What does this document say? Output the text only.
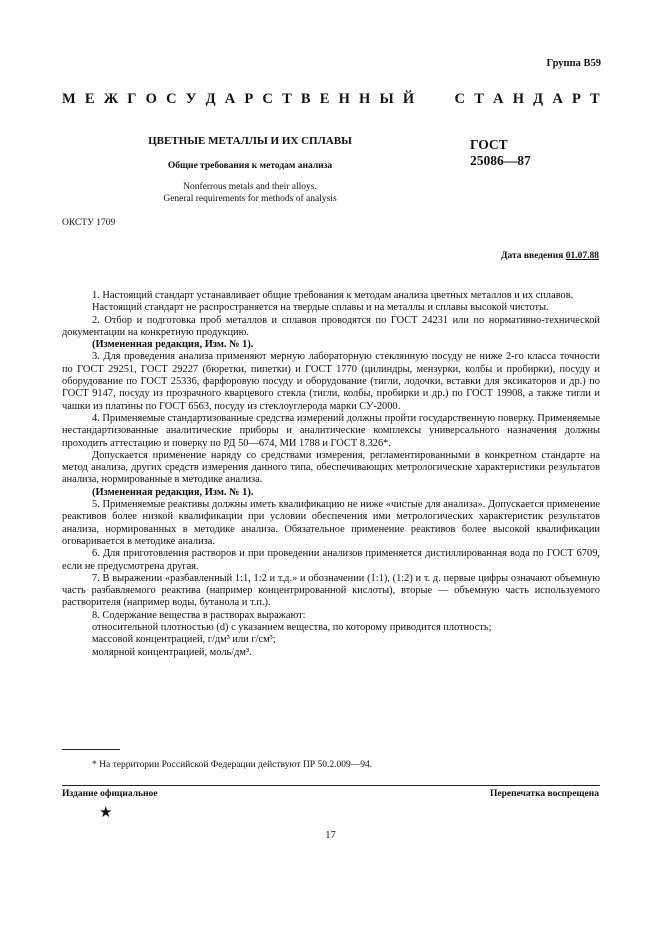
Группа В59
М Е Ж Г О С У Д А Р С Т В Е Н Н Ы Й	С Т А Н Д А Р Т
ЦВЕТНЫЕ МЕТАЛЛЫ И ИХ СПЛАВЫ
Общие требования к методам анализа
ГОСТ
25086—87
Nonferrous metals and their alloys.
General requirements for methods of analysis
ОКСТУ 1709
Дата введения 01.07.88

1. Настоящий стандарт устанавливает общие требования к методам анализа цветных металлов и их сплавов.

Настоящий стандарт не распространяется на твердые сплавы и на металлы и сплавы высокой чистоты.

2. Отбор и подготовка проб металлов и сплавов проводятся по ГОСТ 24231 или по нормативно-технической документации на конкретную продукцию.

(Измененная редакция, Изм. № 1).

3. Для проведения анализа применяют мерную лабораторную стеклянную посуду не ниже 2-го класса точности по ГОСТ 29251, ГОСТ 29227 (бюретки, пипетки) и ГОСТ 1770 (цилиндры, мензурки, колбы и пробирки), посуду и оборудование по ГОСТ 25336, фарфоровую посуду и оборудование (тигли, лодочки, вставки для эксикаторов и др.) по ГОСТ 9147, посуду из прозрачного кварцевого стекла (тигли, колбы, пробирки и др.) по ГОСТ 19908, а также тигли и чашки из платины по ГОСТ 6563, посуду из стеклоуглерода марки СУ-2000.

4. Применяемые стандартизованные средства измерений должны пройти государственную поверку. Применяемые нестандартизованные аналитические приборы и аналитические комплексы универсального назначения должны проходить аттестацию и поверку по РД 50—674, МИ 1788 и ГОСТ 8.326*.

Допускается применение наряду со средствами измерения, регламентированными в конкретном стандарте на метод анализа, других средств измерения данного типа, обеспечивающих метрологические характеристики результатов анализа, нормированные в методике анализа.

(Измененная редакция, Изм. № 1).

5. Применяемые реактивы должны иметь квалификацию не ниже «чистые для анализа». Допускается применение реактивов более низкой квалификации при условии обеспечения ими метрологических характеристик результатов анализа, нормированных в методике анализа. Обязательное применение реактивов более высокой квалификации оговаривается в методике анализа.

6. Для приготовления растворов и при проведении анализов применяется дистиллированная вода по ГОСТ 6709, если не предусмотрена другая.

7. В выражении «разбавленный 1:1, 1:2 и т.д.» и обозначении (1:1), (1:2) и т. д. первые цифры означают объемную часть разбавляемого реактива (например концентрированной кислоты), вторые — объемную часть используемого растворителя (например воды, бутанола и т.п.).

8. Содержание вещества в растворах выражают:

относительной плотностью (d) с указанием вещества, по которому приводится плотность;

массовой концентрацией, г/дм³ или г/см³;

молярной концентрацией, моль/дм³.

* На территории Российской Федерации действуют ПР 50.2.009—94.
Издание официальное	Перепечатка воспрещена
★
17
